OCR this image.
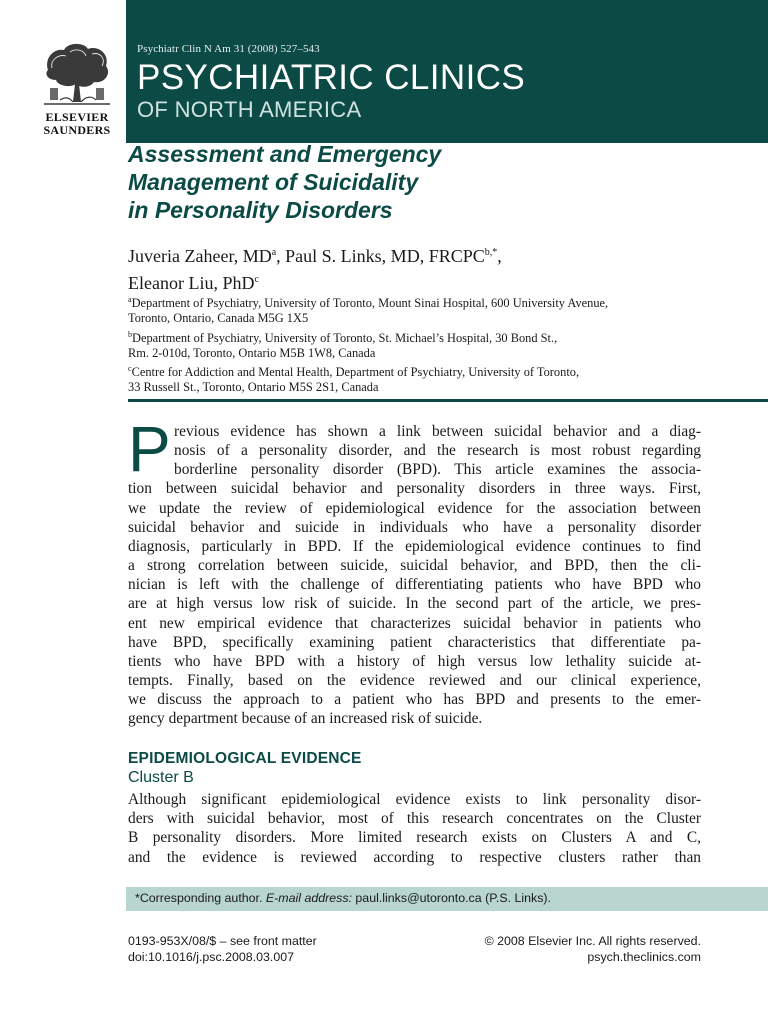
ELSEVIER
SAUNDERS
Psychiatr Clin N Am 31 (2008) 527–543
PSYCHIATRIC CLINICS
OF NORTH AMERICA
Assessment and Emergency
Management of Suicidality
in Personality Disorders
Juveria Zaheer, $MD^a$, Paul S. Links, MD, $FRCPC^{b,*}$,
Eleanor Liu, PhD$^c$
$^a$Department of Psychiatry, University of Toronto, Mount Sinai Hospital, 600 University Avenue,
Toronto, Ontario, Canada M5G 1X5
$^b$Department of Psychiatry, University of Toronto, St. Michael’s Hospital, 30 Bond St.,
Rm. 2-010d, Toronto, Ontario M5B 1W8, Canada
$^c$Centre for Addiction and Mental Health, Department of Psychiatry, University of Toronto,
33 Russell St., Toronto, Ontario M5S 2S1, Canada
P revious evidence has shown a link between suicidal behavior and a diag-
nosis of a personality disorder, and the research is most robust regarding
borderline personality disorder (BPD). This article examines the associa-
tion between suicidal behavior and personality disorders in three ways. First,
we update the review of epidemiological evidence for the association between
suicidal behavior and suicide in individuals who have a personality disorder
diagnosis, particularly in BPD. If the epidemiological evidence continues to find
a strong correlation between suicide, suicidal behavior, and BPD, then the cli-
nician is left with the challenge of differentiating patients who have BPD who
are at high versus low risk of suicide. In the second part of the article, we pres-
ent new empirical evidence that characterizes suicidal behavior in patients who
have BPD, specifically examining patient characteristics that differentiate pa-
tients who have BPD with a history of high versus low lethality suicide at-
tempts. Finally, based on the evidence reviewed and our clinical experience,
we discuss the approach to a patient who has BPD and presents to the emer-
gency department because of an increased risk of suicide.
EPIDEMIOLOGICAL EVIDENCE
Cluster B
Although significant epidemiological evidence exists to link personality disor-
ders with suicidal behavior, most of this research concentrates on the Cluster
B personality disorders. More limited research exists on Clusters A and C,
and the evidence is reviewed according to respective clusters rather than
*Corresponding author. E-mail address: paul.links@utoronto.ca (P.S. Links).
0193-953X/08/$ – see front matter
doi:10.1016/j.psc.2008.03.007
© 2008 Elsevier Inc. All rights reserved.
psych.theclinics.com
